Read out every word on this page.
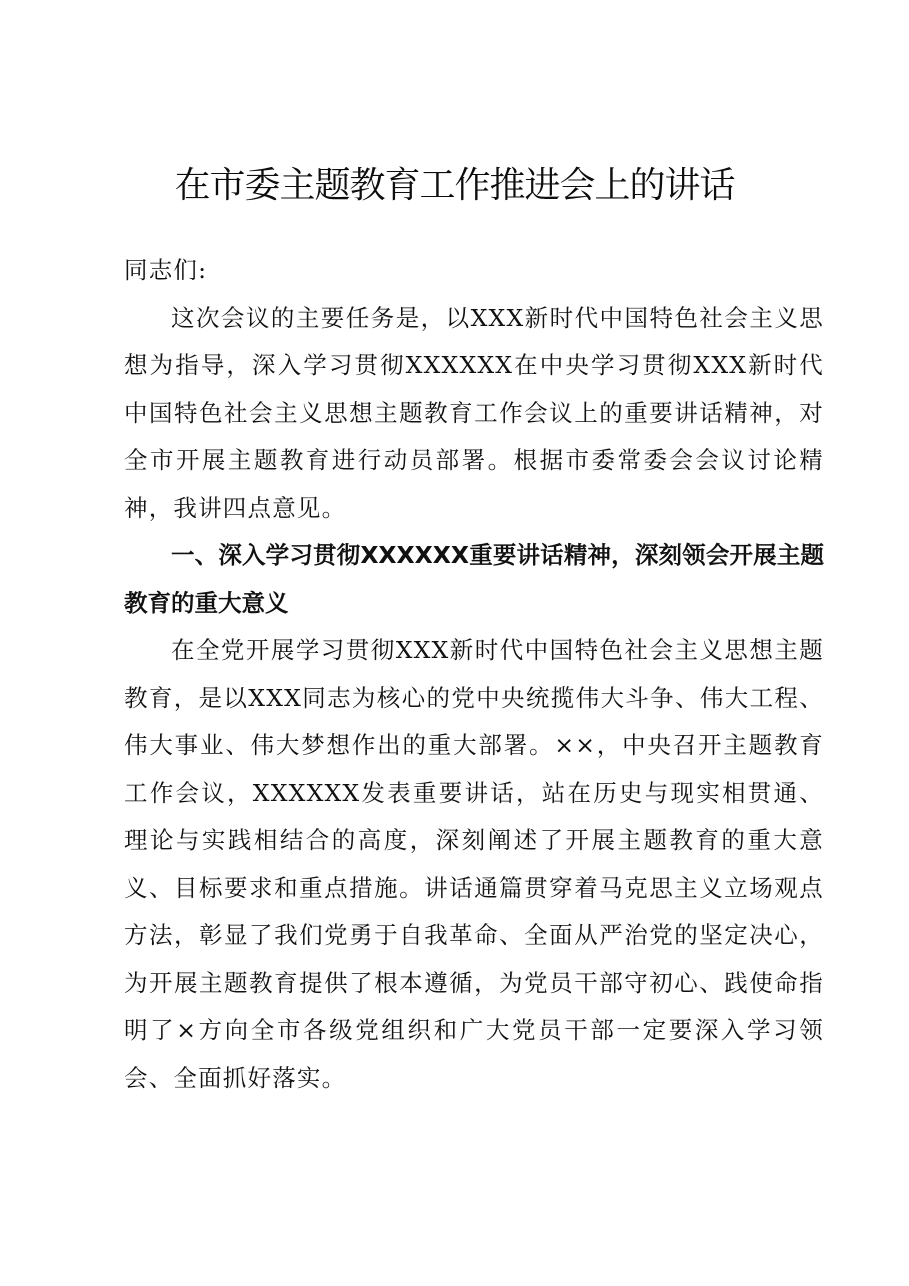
在市委主题教育工作推进会上的讲话

同志们:

这次会议的主要任务是，以XXX新时代中国特色社会主义思想为指导，深入学习贯彻XXXXXX在中央学习贯彻XXX新时代中国特色社会主义思想主题教育工作会议上的重要讲话精神，对全市开展主题教育进行动员部署。根据市委常委会会议讨论精神，我讲四点意见。

一、深入学习贯彻XXXXXX重要讲话精神，深刻领会开展主题教育的重大意义

在全党开展学习贯彻XXX新时代中国特色社会主义思想主题教育，是以XXX同志为核心的党中央统揽伟大斗争、伟大工程、伟大事业、伟大梦想作出的重大部署。××，中央召开主题教育工作会议，XXXXXX发表重要讲话，站在历史与现实相贯通、理论与实践相结合的高度，深刻阐述了开展主题教育的重大意义、目标要求和重点措施。讲话通篇贯穿着马克思主义立场观点方法，彰显了我们党勇于自我革命、全面从严治党的坚定决心，为开展主题教育提供了根本遵循，为党员干部守初心、践使命指明了×方向全市各级党组织和广大党员干部一定要深入学习领会、全面抓好落实。
